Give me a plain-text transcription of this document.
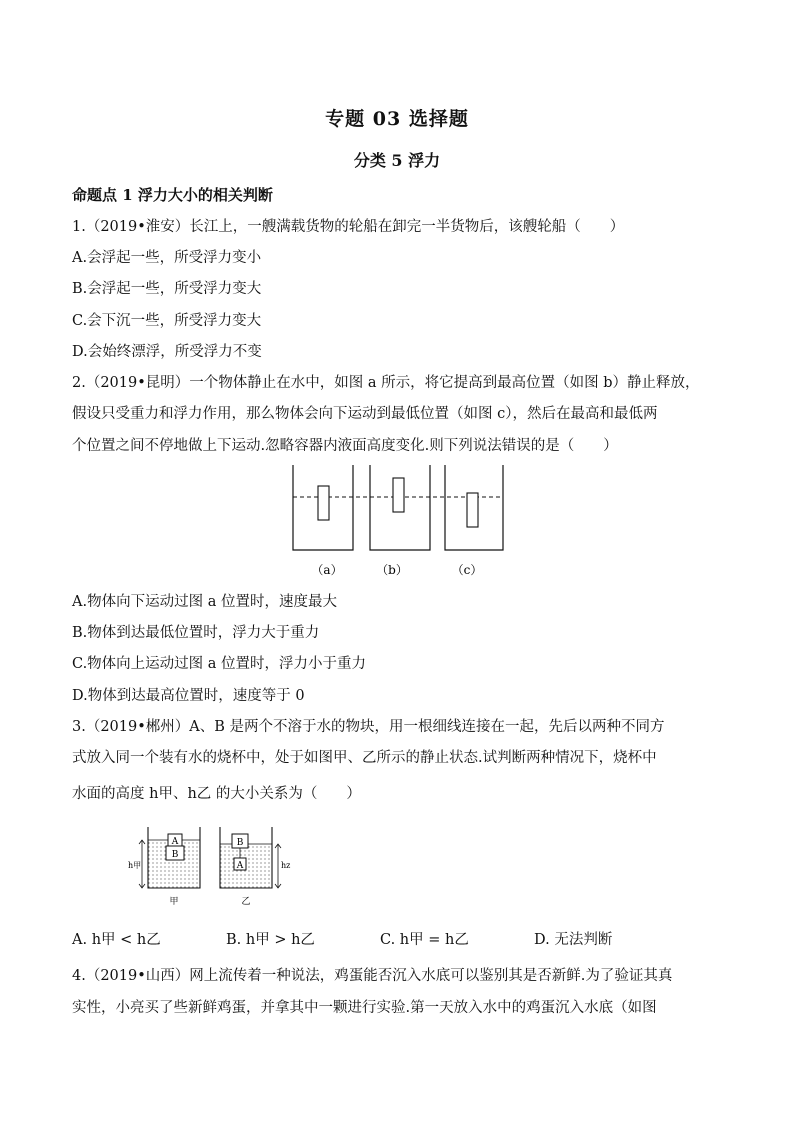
专题 03 选择题
分类 5 浮力
命题点 1 浮力大小的相关判断
1.（2019•淮安）长江上，一艘满载货物的轮船在卸完一半货物后，该艘轮船（　　）
A.会浮起一些，所受浮力变小
B.会浮起一些，所受浮力变大
C.会下沉一些，所受浮力变大
D.会始终漂浮，所受浮力不变
2.（2019•昆明）一个物体静止在水中，如图 a 所示，将它提高到最高位置（如图 b）静止释放，
假设只受重力和浮力作用，那么物体会向下运动到最低位置（如图 c），然后在最高和最低两
个位置之间不停地做上下运动.忽略容器内液面高度变化.则下列说法错误的是（　　）
（a）	（b）	（c）
A.物体向下运动过图 a 位置时，速度最大
B.物体到达最低位置时，浮力大于重力
C.物体向上运动过图 a 位置时，浮力小于重力
D.物体到达最高位置时，速度等于 0
3.（2019•郴州）A、B 是两个不溶于水的物块，用一根细线连接在一起，先后以两种不同方
式放入同一个装有水的烧杯中，处于如图甲、乙所示的静止状态.试判断两种情况下，烧杯中
水面的高度 h甲、h乙 的大小关系为（　　）
A
B
h甲
甲
B
A	hz
乙
A. h甲 < h乙	B. h甲 > h乙	C. h甲 = h乙	D. 无法判断
4.（2019•山西）网上流传着一种说法，鸡蛋能否沉入水底可以鉴别其是否新鲜.为了验证其真
实性，小亮买了些新鲜鸡蛋，并拿其中一颗进行实验.第一天放入水中的鸡蛋沉入水底（如图
